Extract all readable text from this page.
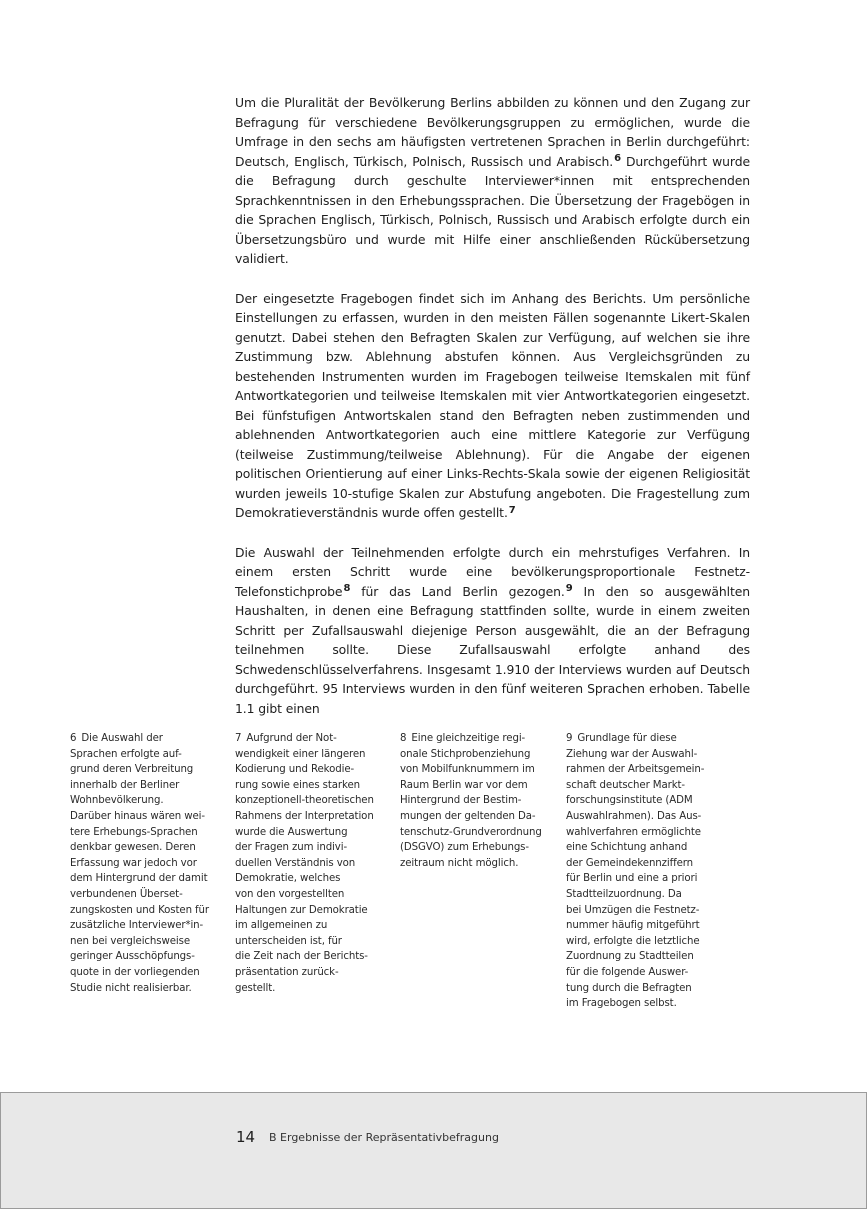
Um die Pluralität der Bevölkerung Berlins abbilden zu können und den Zugang zur Befragung für verschiedene Bevölkerungsgruppen zu ermöglichen, wurde die Umfrage in den sechs am häufigsten vertretenen Sprachen in Berlin durchgeführt: Deutsch, Englisch, Türkisch, Polnisch, Russisch und Arabisch.$^6$ Durchgeführt wurde die Befragung durch geschulte Interviewer*innen mit entsprechenden Sprachkenntnissen in den Erhebungssprachen. Die Übersetzung der Fragebögen in die Sprachen Englisch, Türkisch, Polnisch, Russisch und Arabisch erfolgte durch ein Übersetzungsbüro und wurde mit Hilfe einer anschließenden Rückübersetzung validiert.

Der eingesetzte Fragebogen findet sich im Anhang des Berichts. Um persönliche Einstellungen zu erfassen, wurden in den meisten Fällen sogenannte Likert-Skalen genutzt. Dabei stehen den Befragten Skalen zur Verfügung, auf welchen sie ihre Zustimmung bzw. Ablehnung abstufen können. Aus Vergleichsgründen zu bestehenden Instrumenten wurden im Fragebogen teilweise Itemskalen mit fünf Antwortkategorien und teilweise Itemskalen mit vier Antwortkategorien eingesetzt. Bei fünfstufigen Antwortskalen stand den Befragten neben zustimmenden und ablehnenden Antwortkategorien auch eine mittlere Kategorie zur Verfügung (teilweise Zustimmung/teilweise Ablehnung). Für die Angabe der eigenen politischen Orientierung auf einer Links-Rechts-Skala sowie der eigenen Religiosität wurden jeweils 10-stufige Skalen zur Abstufung angeboten. Die Fragestellung zum Demokratieverständnis wurde offen gestellt.$^7$

Die Auswahl der Teilnehmenden erfolgte durch ein mehrstufiges Verfahren. In einem ersten Schritt wurde eine bevölkerungsproportionale Festnetz-Telefonstichprobe$^8$ für das Land Berlin gezogen.$^9$ In den so ausgewählten Haushalten, in denen eine Befragung stattfinden sollte, wurde in einem zweiten Schritt per Zufallsauswahl diejenige Person ausgewählt, die an der Befragung teilnehmen sollte. Diese Zufallsauswahl erfolgte anhand des Schwedenschlüsselverfahrens. Insgesamt 1.910 der Interviews wurden auf Deutsch durchgeführt. 95 Interviews wurden in den fünf weiteren Sprachen erhoben. Tabelle 1.1 gibt einen

6 Die Auswahl der
Sprachen erfolgte auf-
grund deren Verbreitung
innerhalb der Berliner
Wohnbevölkerung.
Darüber hinaus wären wei-
tere Erhebungs-Sprachen
denkbar gewesen. Deren
Erfassung war jedoch vor
dem Hintergrund der damit
verbundenen Überset-
zungskosten und Kosten für
zusätzliche Interviewer*in-
nen bei vergleichsweise
geringer Ausschöpfungs-
quote in der vorliegenden
Studie nicht realisierbar.
7 Aufgrund der Not-
wendigkeit einer längeren
Kodierung und Rekodie-
rung sowie eines starken
konzeptionell-theoretischen
Rahmens der Interpretation
wurde die Auswertung
der Fragen zum indivi-
duellen Verständnis von
Demokratie, welches
von den vorgestellten
Haltungen zur Demokratie
im allgemeinen zu
unterscheiden ist, für
die Zeit nach der Berichts-
präsentation zurück-
gestellt.
8 Eine gleichzeitige regi-
onale Stichprobenziehung
von Mobilfunknummern im
Raum Berlin war vor dem
Hintergrund der Bestim-
mungen der geltenden Da-
tenschutz-Grundverordnung
(DSGVO) zum Erhebungs-
zeitraum nicht möglich.
9 Grundlage für diese
Ziehung war der Auswahl-
rahmen der Arbeitsgemein-
schaft deutscher Markt-
forschungsinstitute (ADM
Auswahlrahmen). Das Aus-
wahlverfahren ermöglichte
eine Schichtung anhand
der Gemeindekennziffern
für Berlin und eine a priori
Stadtteilzuordnung. Da
bei Umzügen die Festnetz-
nummer häufig mitgeführt
wird, erfolgte die letztliche
Zuordnung zu Stadtteilen
für die folgende Auswer-
tung durch die Befragten
im Fragebogen selbst.
14 B Ergebnisse der Repräsentativbefragung
